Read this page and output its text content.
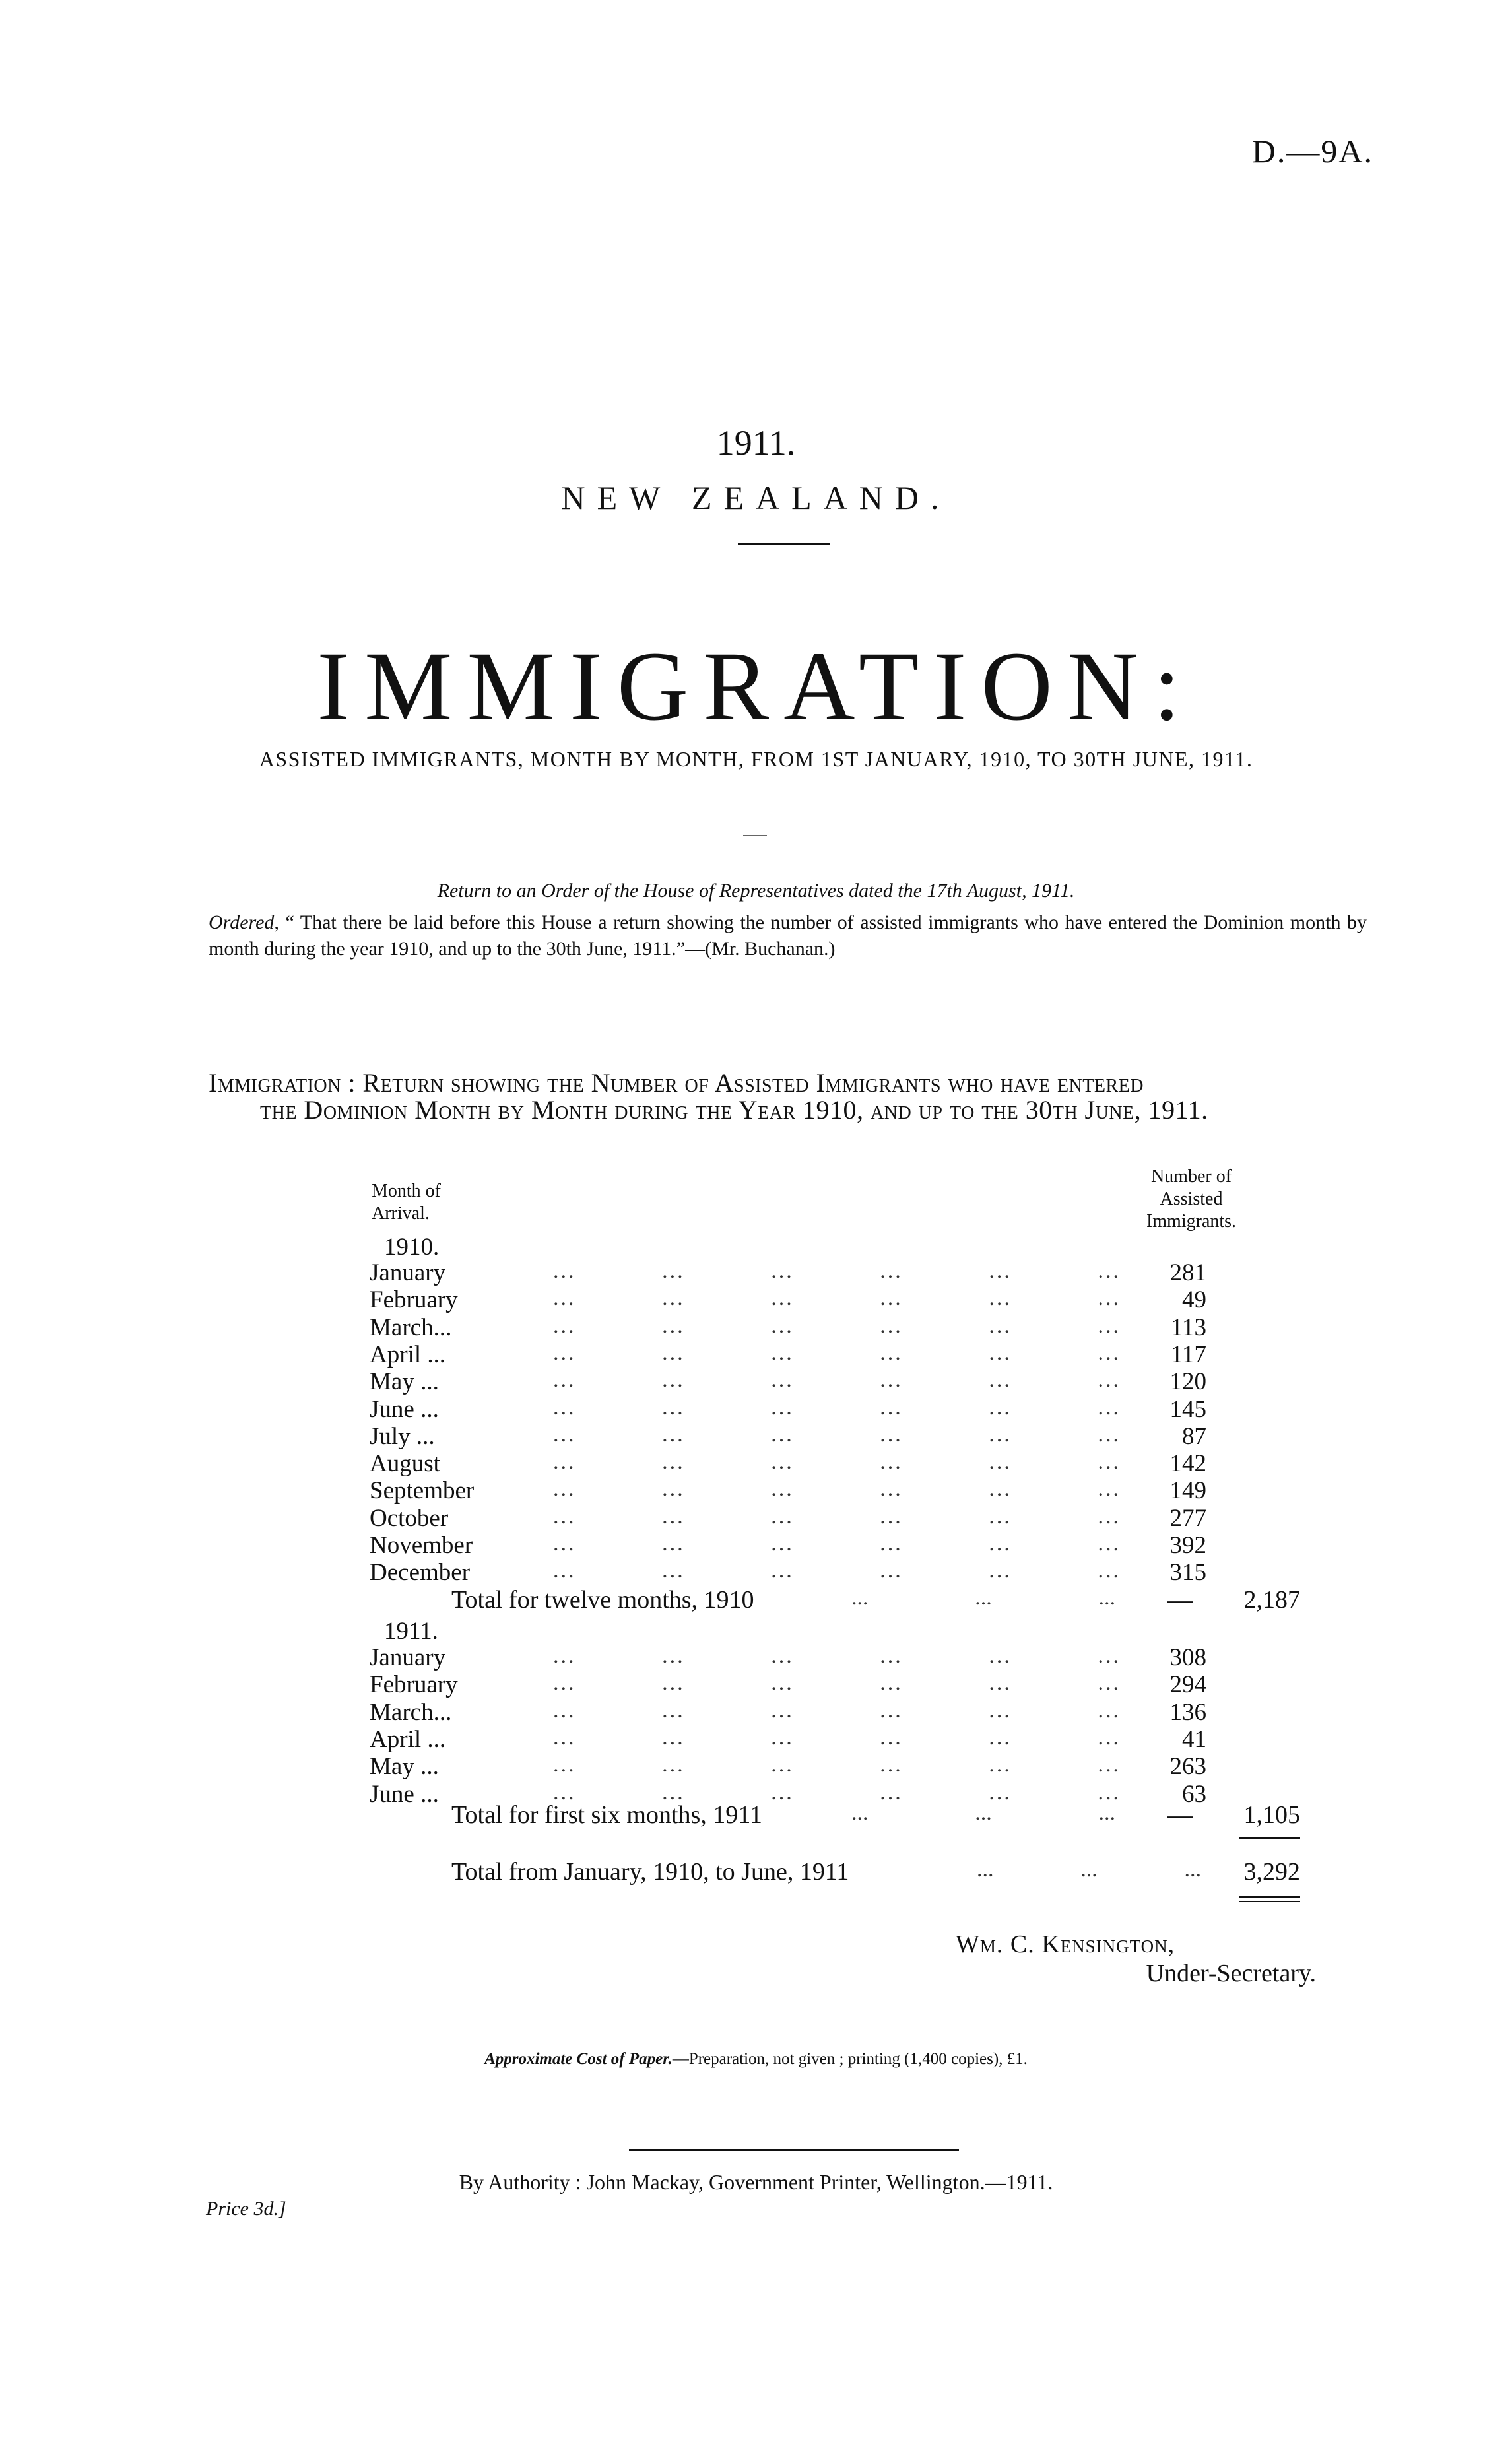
D.—9A.
1911.
NEW ZEALAND.
IMMIGRATION:
ASSISTED IMMIGRANTS, MONTH BY MONTH, FROM 1ST JANUARY, 1910, TO 30TH JUNE, 1911.
Return to an Order of the House of Representatives dated the 17th August, 1911.
Ordered, “ That there be laid before this House a return showing the number of assisted immigrants who have entered the Dominion month by month during the year 1910, and up to the 30th June, 1911.”—(Mr. Buchanan.)
Immigration : Return showing the Number of Assisted Immigrants who have entered
the Dominion Month by Month during the Year 1910, and up to the 30th June, 1911.
Month of
Arrival.
Number of
Assisted
Immigrants.
1910.
January	...	...	...	...	...	...	281
February	...	...	...	...	...	...	49
March...	...	...	...	...	...	...	113
April ...	...	...	...	...	...	...	117
May ...	...	...	...	...	...	...	120
June ...	...	...	...	...	...	...	145
July ...	...	...	...	...	...	...	87
August	...	...	...	...	...	...	142
September	...	...	...	...	...	...	149
October	...	...	...	...	...	...	277
November	...	...	...	...	...	...	392
December	...	...	...	...	...	...	315
Total for twelve months, 1910	...	...	...	—	2,187
1911.
January	...	...	...	...	...	...	308
February	...	...	...	...	...	...	294
March...	...	...	...	...	...	...	136
April ...	...	...	...	...	...	...	41
May ...	...	...	...	...	...	...	263
June ...	...	...	...	...	...	...	63
Total for first six months, 1911	...	...	...	—	1,105
Total from January, 1910, to June, 1911	...	...	...	3,292
Wm. C. Kensington,
Under-Secretary.
Approximate Cost of Paper.—Preparation, not given ; printing (1,400 copies), £1.
By Authority : John Mackay, Government Printer, Wellington.—1911.
Price 3d.]
